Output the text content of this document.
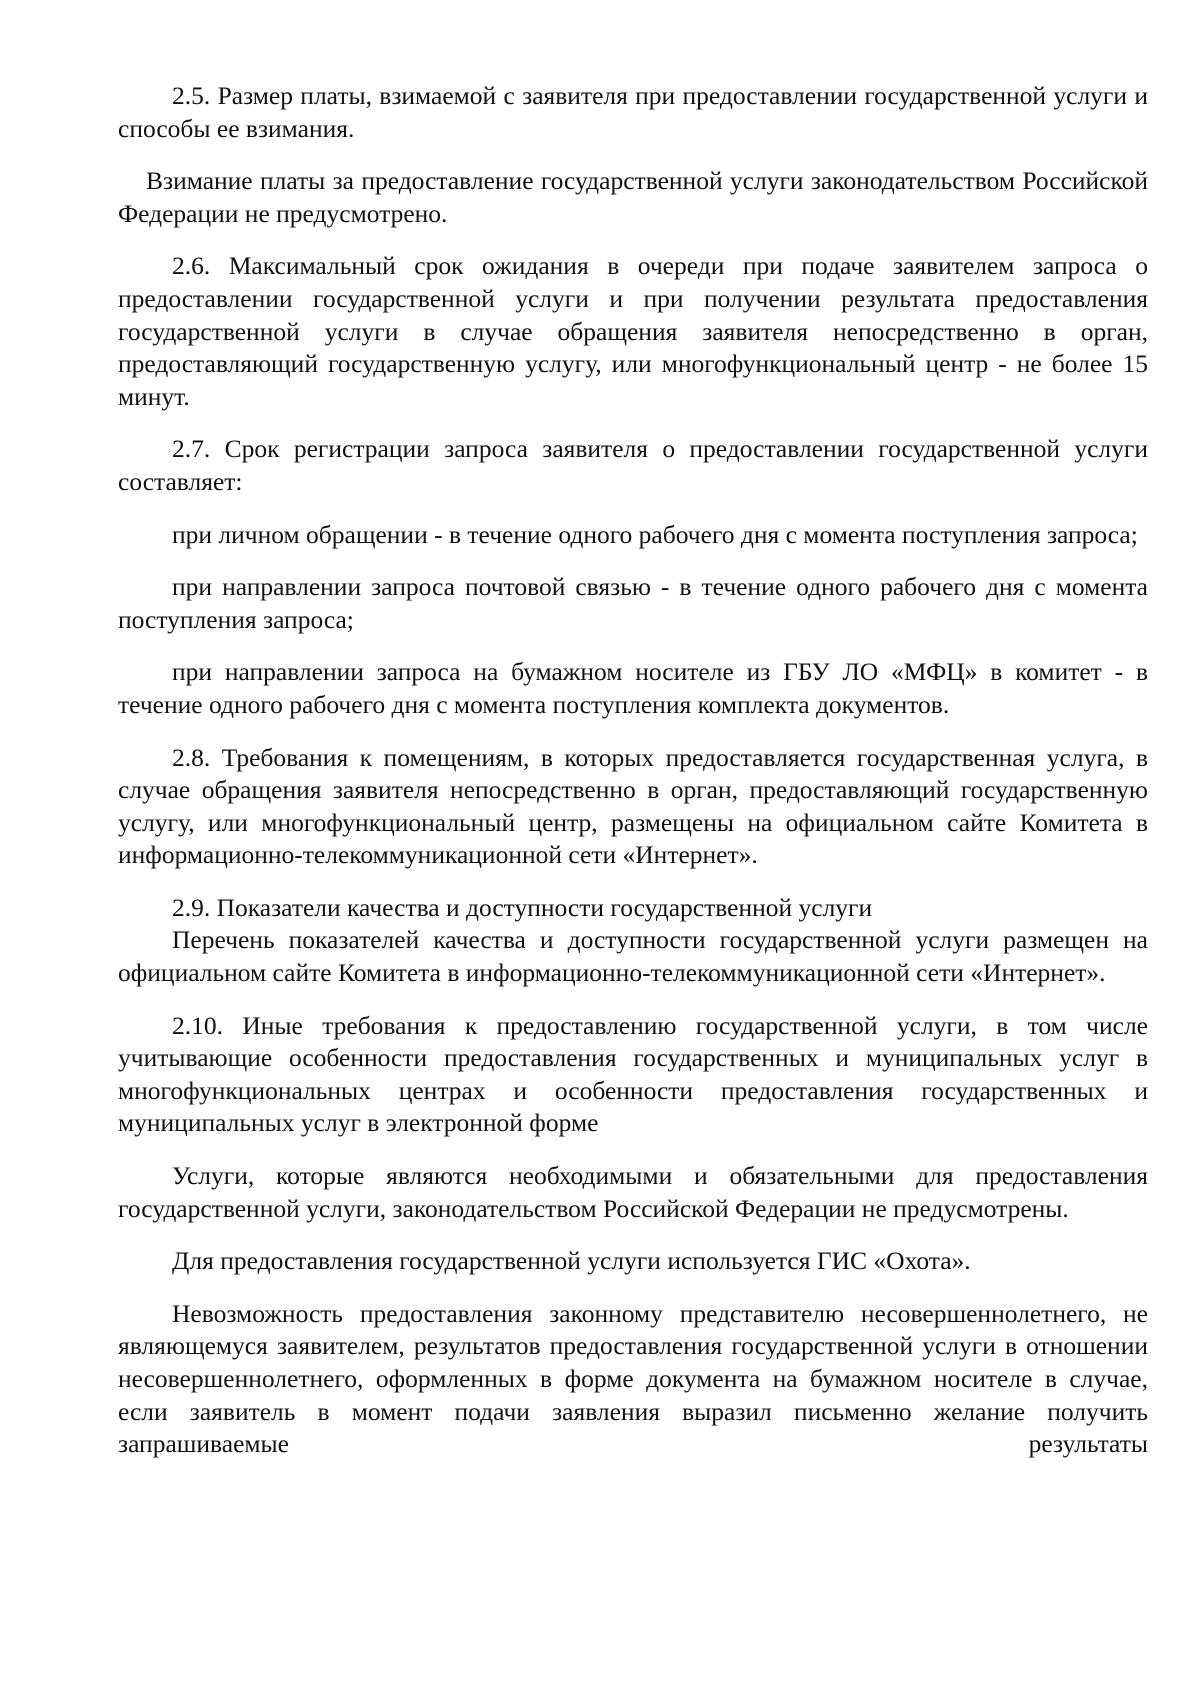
2.5. Размер платы, взимаемой с заявителя при предоставлении государственной услуги и способы ее взимания.

Взимание платы за предоставление государственной услуги законодательством Российской Федерации не предусмотрено.

2.6. Максимальный срок ожидания в очереди при подаче заявителем запроса о предоставлении государственной услуги и при получении результата предоставления государственной услуги в случае обращения заявителя непосредственно в орган, предоставляющий государственную услугу, или многофункциональный центр - не более 15 минут.

2.7. Срок регистрации запроса заявителя о предоставлении государственной услуги составляет:

при личном обращении - в течение одного рабочего дня с момента поступления запроса;

при направлении запроса почтовой связью - в течение одного рабочего дня с момента поступления запроса;

при направлении запроса на бумажном носителе из ГБУ ЛО «МФЦ» в комитет - в течение одного рабочего дня с момента поступления комплекта документов.

2.8. Требования к помещениям, в которых предоставляется государственная услуга, в случае обращения заявителя непосредственно в орган, предоставляющий государственную услугу, или многофункциональный центр, размещены на официальном сайте Комитета в информационно-телекоммуникационной сети «Интернет».

2.9. Показатели качества и доступности государственной услуги

Перечень показателей качества и доступности государственной услуги размещен на официальном сайте Комитета в информационно-телекоммуникационной сети «Интернет».

2.10. Иные требования к предоставлению государственной услуги, в том числе учитывающие особенности предоставления государственных и муниципальных услуг в многофункциональных центрах и особенности предоставления государственных и муниципальных услуг в электронной форме

Услуги, которые являются необходимыми и обязательными для предоставления государственной услуги, законодательством Российской Федерации не предусмотрены.

Для предоставления государственной услуги используется ГИС «Охота».

Невозможность предоставления законному представителю несовершеннолетнего, не являющемуся заявителем, результатов предоставления государственной услуги в отношении несовершеннолетнего, оформленных в форме документа на бумажном носителе в случае, если заявитель в момент подачи заявления выразил письменно желание получить запрашиваемые результаты
